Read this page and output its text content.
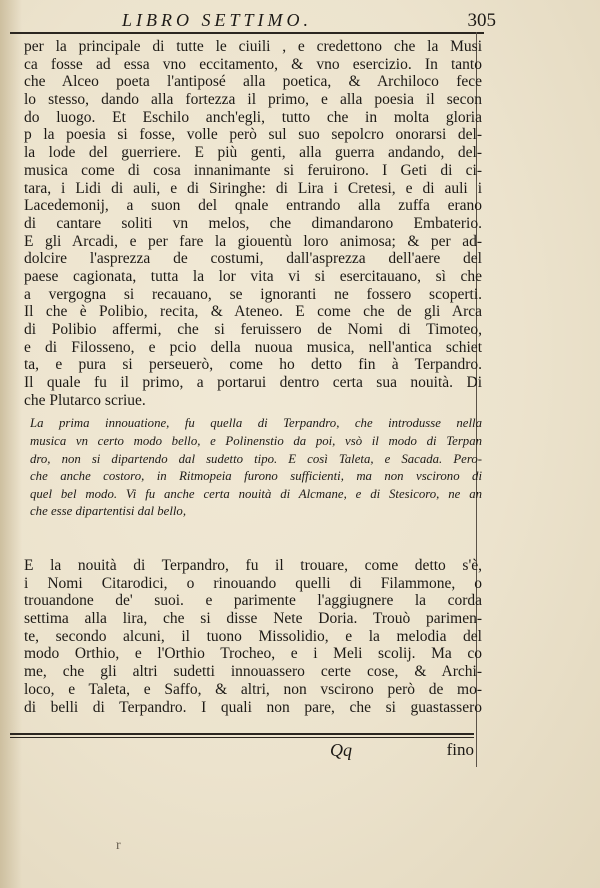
LIBRO SETTIMO.	305
per la principale di tutte le ciuili , e credettono che la Musi
ca fosse ad essa vno eccitamento, & vno esercizio. In tanto
che Alceo poeta l'antiposé alla poetica, & Archiloco fece
lo stesso, dando alla fortezza il primo, e alla poesia il secon
do luogo. Et Eschilo anch'egli, tutto che in molta gloria
p la poesia si fosse, volle però sul suo sepolcro onorarsi del-
la lode del guerriere. E più genti, alla guerra andando, del-
musica come di cosa innanimante si feruirono. I Geti di ci-
tara, i Lidi di auli, e di Siringhe: di Lira i Cretesi, e di auli i
Lacedemonij, a suon del qnale entrando alla zuffa erano
di cantare soliti vn melos, che dimandarono Embaterio.
E gli Arcadi, e per fare la giouentù loro animosa; & per ad-
dolcire l'asprezza de costumi, dall'asprezza dell'aere del
paese cagionata, tutta la lor vita vi si esercitauano, sì che
a vergogna si recauano, se ignoranti ne fossero scoperti.
Il che è Polibio, recita, & Ateneo. E come che de gli Arca
di Polibio affermi, che si feruissero de Nomi di Timoteo,
e di Filosseno, e pcio della nuoua musica, nell'antica schiet
ta, e pura si perseuerò, come ho detto fin à Terpandro.
Il quale fu il primo, a portarui dentro certa sua nouità. Di
che Plutarco scriue.
La prima innouatione, fu quella di Terpandro, che introdusse nella
musica vn certo modo bello, e Polinenstio da poi, vsò il modo di Terpan
dro, non si dipartendo dal sudetto tipo. E così Taleta, e Sacada. Pero-
che anche costoro, in Ritmopeia furono sufficienti, ma non vscirono di
quel bel modo. Vi fu anche certa nouità di Alcmane, e di Stesicoro, ne an
che esse dipartentisi dal bello,
E la nouità di Terpandro, fu il trouare, come detto s'è,
i Nomi Citarodici, o rinouando quelli di Filammone, o
trouandone de' suoi. e parimente l'aggiugnere la corda
settima alla lira, che si disse Nete Doria. Trouò parimen-
te, secondo alcuni, il tuono Missolidio, e la melodia del
modo Orthio, e l'Orthio Trocheo, e i Meli scolij. Ma co
me, che gli altri sudetti innouassero certe cose, & Archi-
loco, e Taleta, e Saffo, & altri, non vscirono però de mo-
di belli di Terpandro. I quali non pare, che si guastassero
Qq	fino
r
